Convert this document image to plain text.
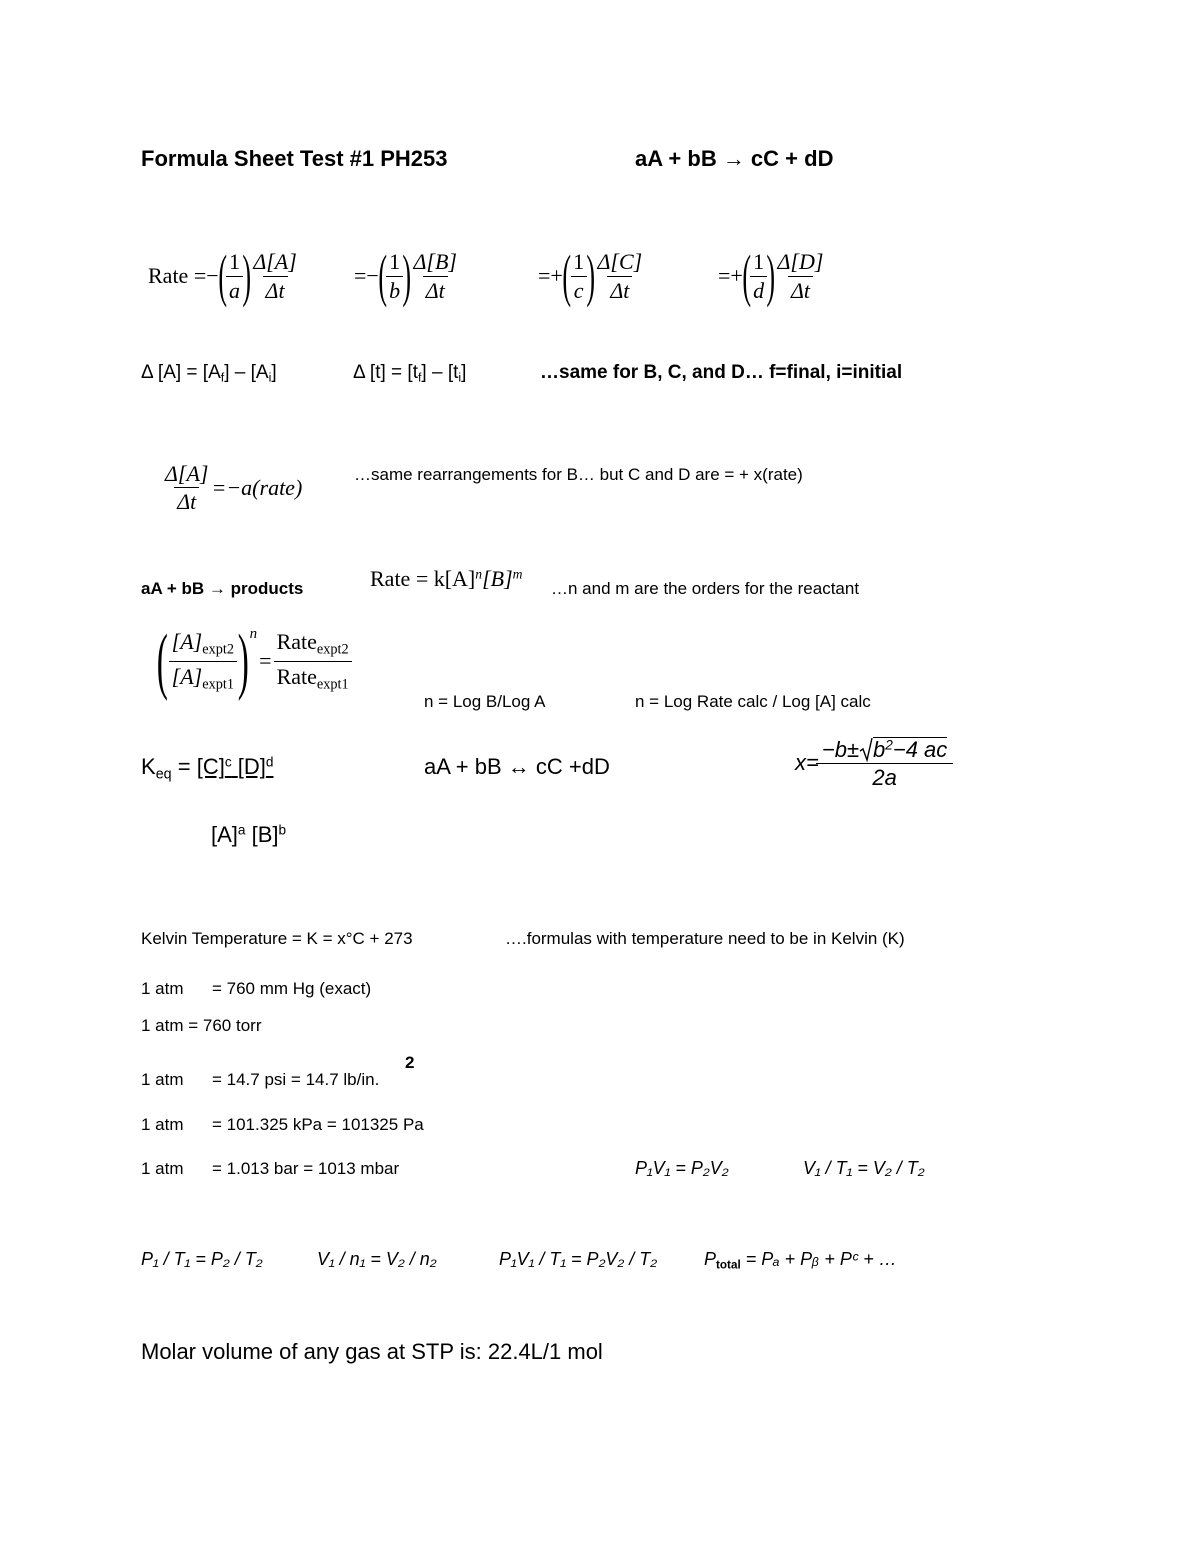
Formula Sheet Test #1 PH253	aA + bB → cC + dD
Rate = − ( $\frac{1}{a}$ ) $\frac{\Delta[A]}{\Delta t}$ =− ( $\frac{1}{b}$ ) $\frac{\Delta[B]}{\Delta t}$	=+ ( $\frac{1}{c}$ ) $\frac{\Delta[C]}{\Delta t}$	=+ ( $\frac{1}{d}$ ) $\frac{\Delta[D]}{\Delta t}$
Δ $[A] = [A_f] - [A_i]$	Δ $[t] = [t_f] - [t_i]$	…same for B, C, and D… f=final, i=initial
$\frac{\Delta[A]}{\Delta t}$ =−a(rate)
…same rearrangements for B… but C and D are = + x(rate)
aA + bB → products	Rate = $k[A]^n[B]^m$
…n and m are the orders for the reactant
( $\frac{[A]_{expt2}}{[A]_{expt1}}$ ) n
= $\frac{Rate_{expt2}}{Rate_{expt1}}$
n = Log B/Log A	n = Log Rate calc / Log [A] calc
$K_{eq} = [C]^c$ $[D]^d$
$[A]^a$ $[B]^b$
aA + bB ↔ cC +dD	$x= \frac{-b\pm b^2-4 ac}{2a}$
Kelvin Temperature = K = x°C + 273	….formulas with temperature need to be in Kelvin (K)
1 atm = 760 mm Hg (exact)
1 atm = 760 torr
1 atm = 14.7 psi = 14.7 lb/in.
2
1 atm = 101.325 kPa = 101325 Pa
1 atm = 1.013 bar = 1013 mbar	P₁V₁ = P₂V₂	V₁ / T₁ = V₂ / T₂
P₁ / T₁ = P₂ / T₂	V₁ / n₁ = V₂ / n₂	P₁V₁ / T₁ = P₂V₂ / T₂	$P_{total} = P_a$ + Pᵦ + Pᶜ + …
Molar volume of any gas at STP is: 22.4L/1 mol
